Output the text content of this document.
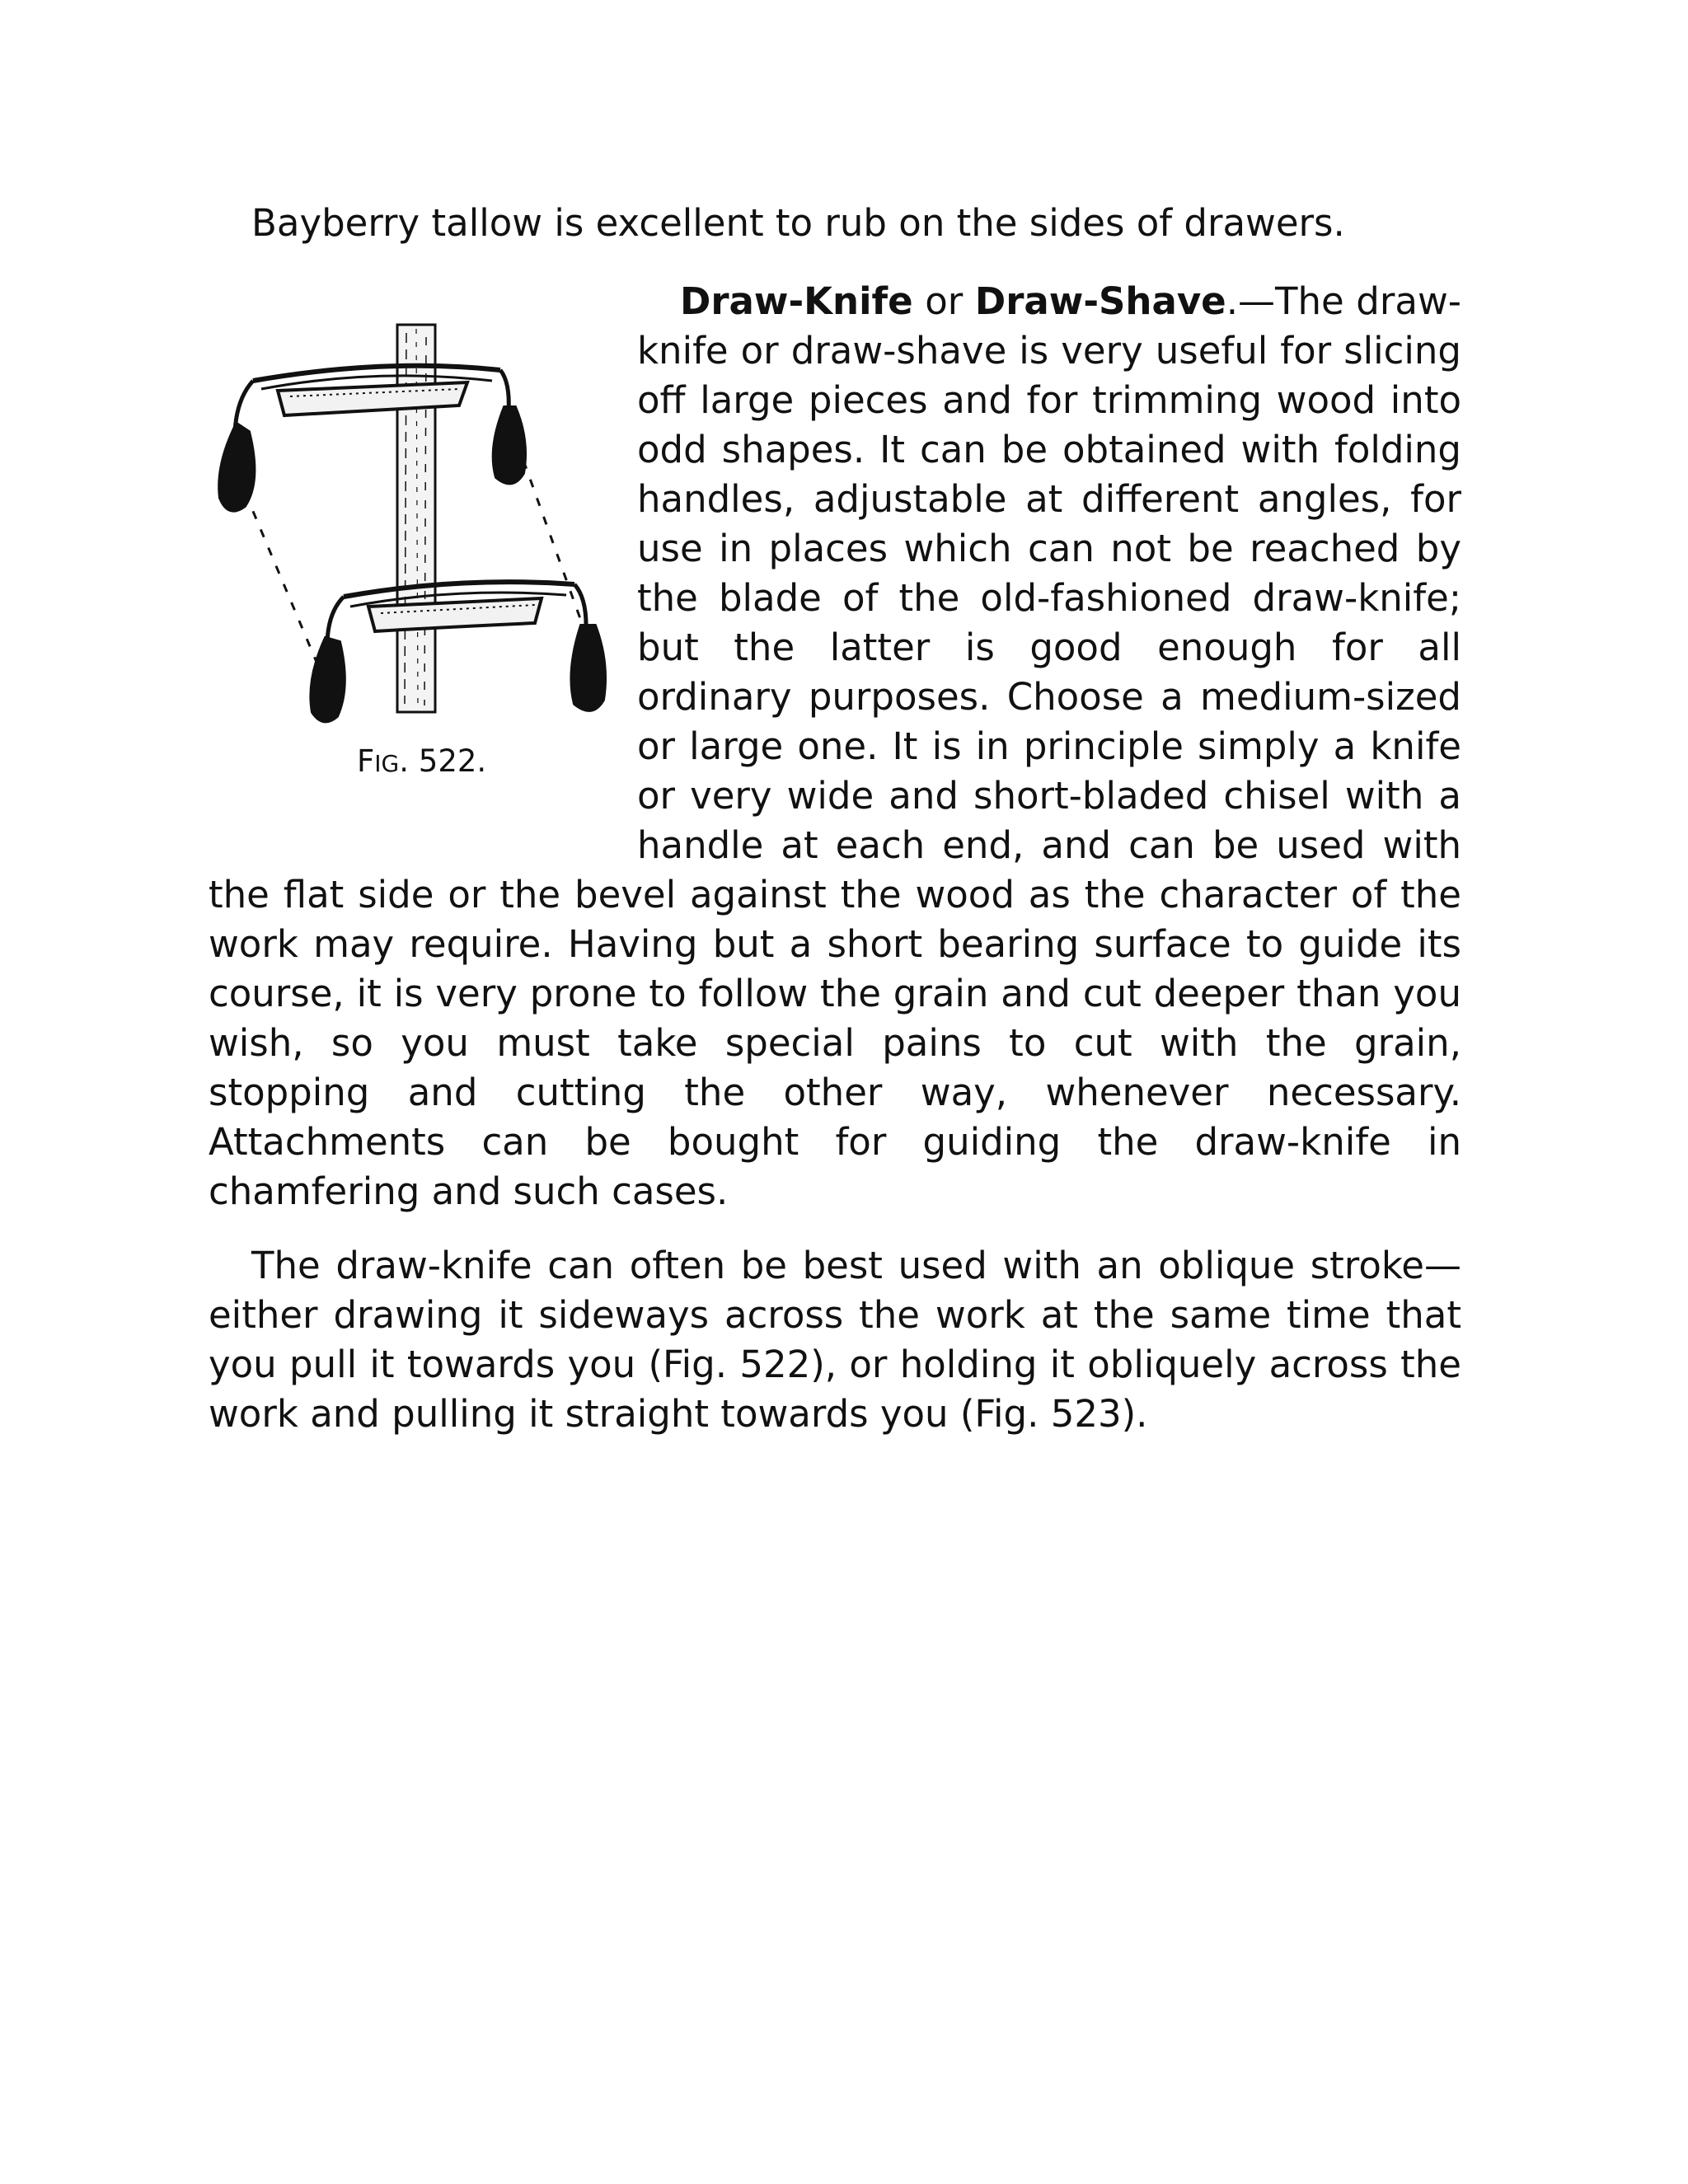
Bayberry tallow is excellent to rub on the sides of drawers.
FIG. 522.

Draw-Knife or Draw-Shave.—The draw-knife or draw-shave is very useful for slicing off large pieces and for trimming wood into odd shapes. It can be obtained with folding handles, adjustable at different angles, for use in places which can not be reached by the blade of the old-fashioned draw-knife; but the latter is good enough for all ordinary purposes. Choose a medium-sized or large one. It is in principle simply a knife or very wide and short-bladed chisel with a handle at each end, and can be used with the flat side or the bevel against the wood as the character of the work may require. Having but a short bearing surface to guide its course, it is very prone to follow the grain and cut deeper than you wish, so you must take special pains to cut with the grain, stopping and cutting the other way, whenever necessary. Attachments can be bought for guiding the draw-knife in chamfering and such cases.

The draw-knife can often be best used with an oblique stroke—either drawing it sideways across the work at the same time that you pull it towards you (Fig. 522), or holding it obliquely across the work and pulling it straight towards you (Fig. 523).
